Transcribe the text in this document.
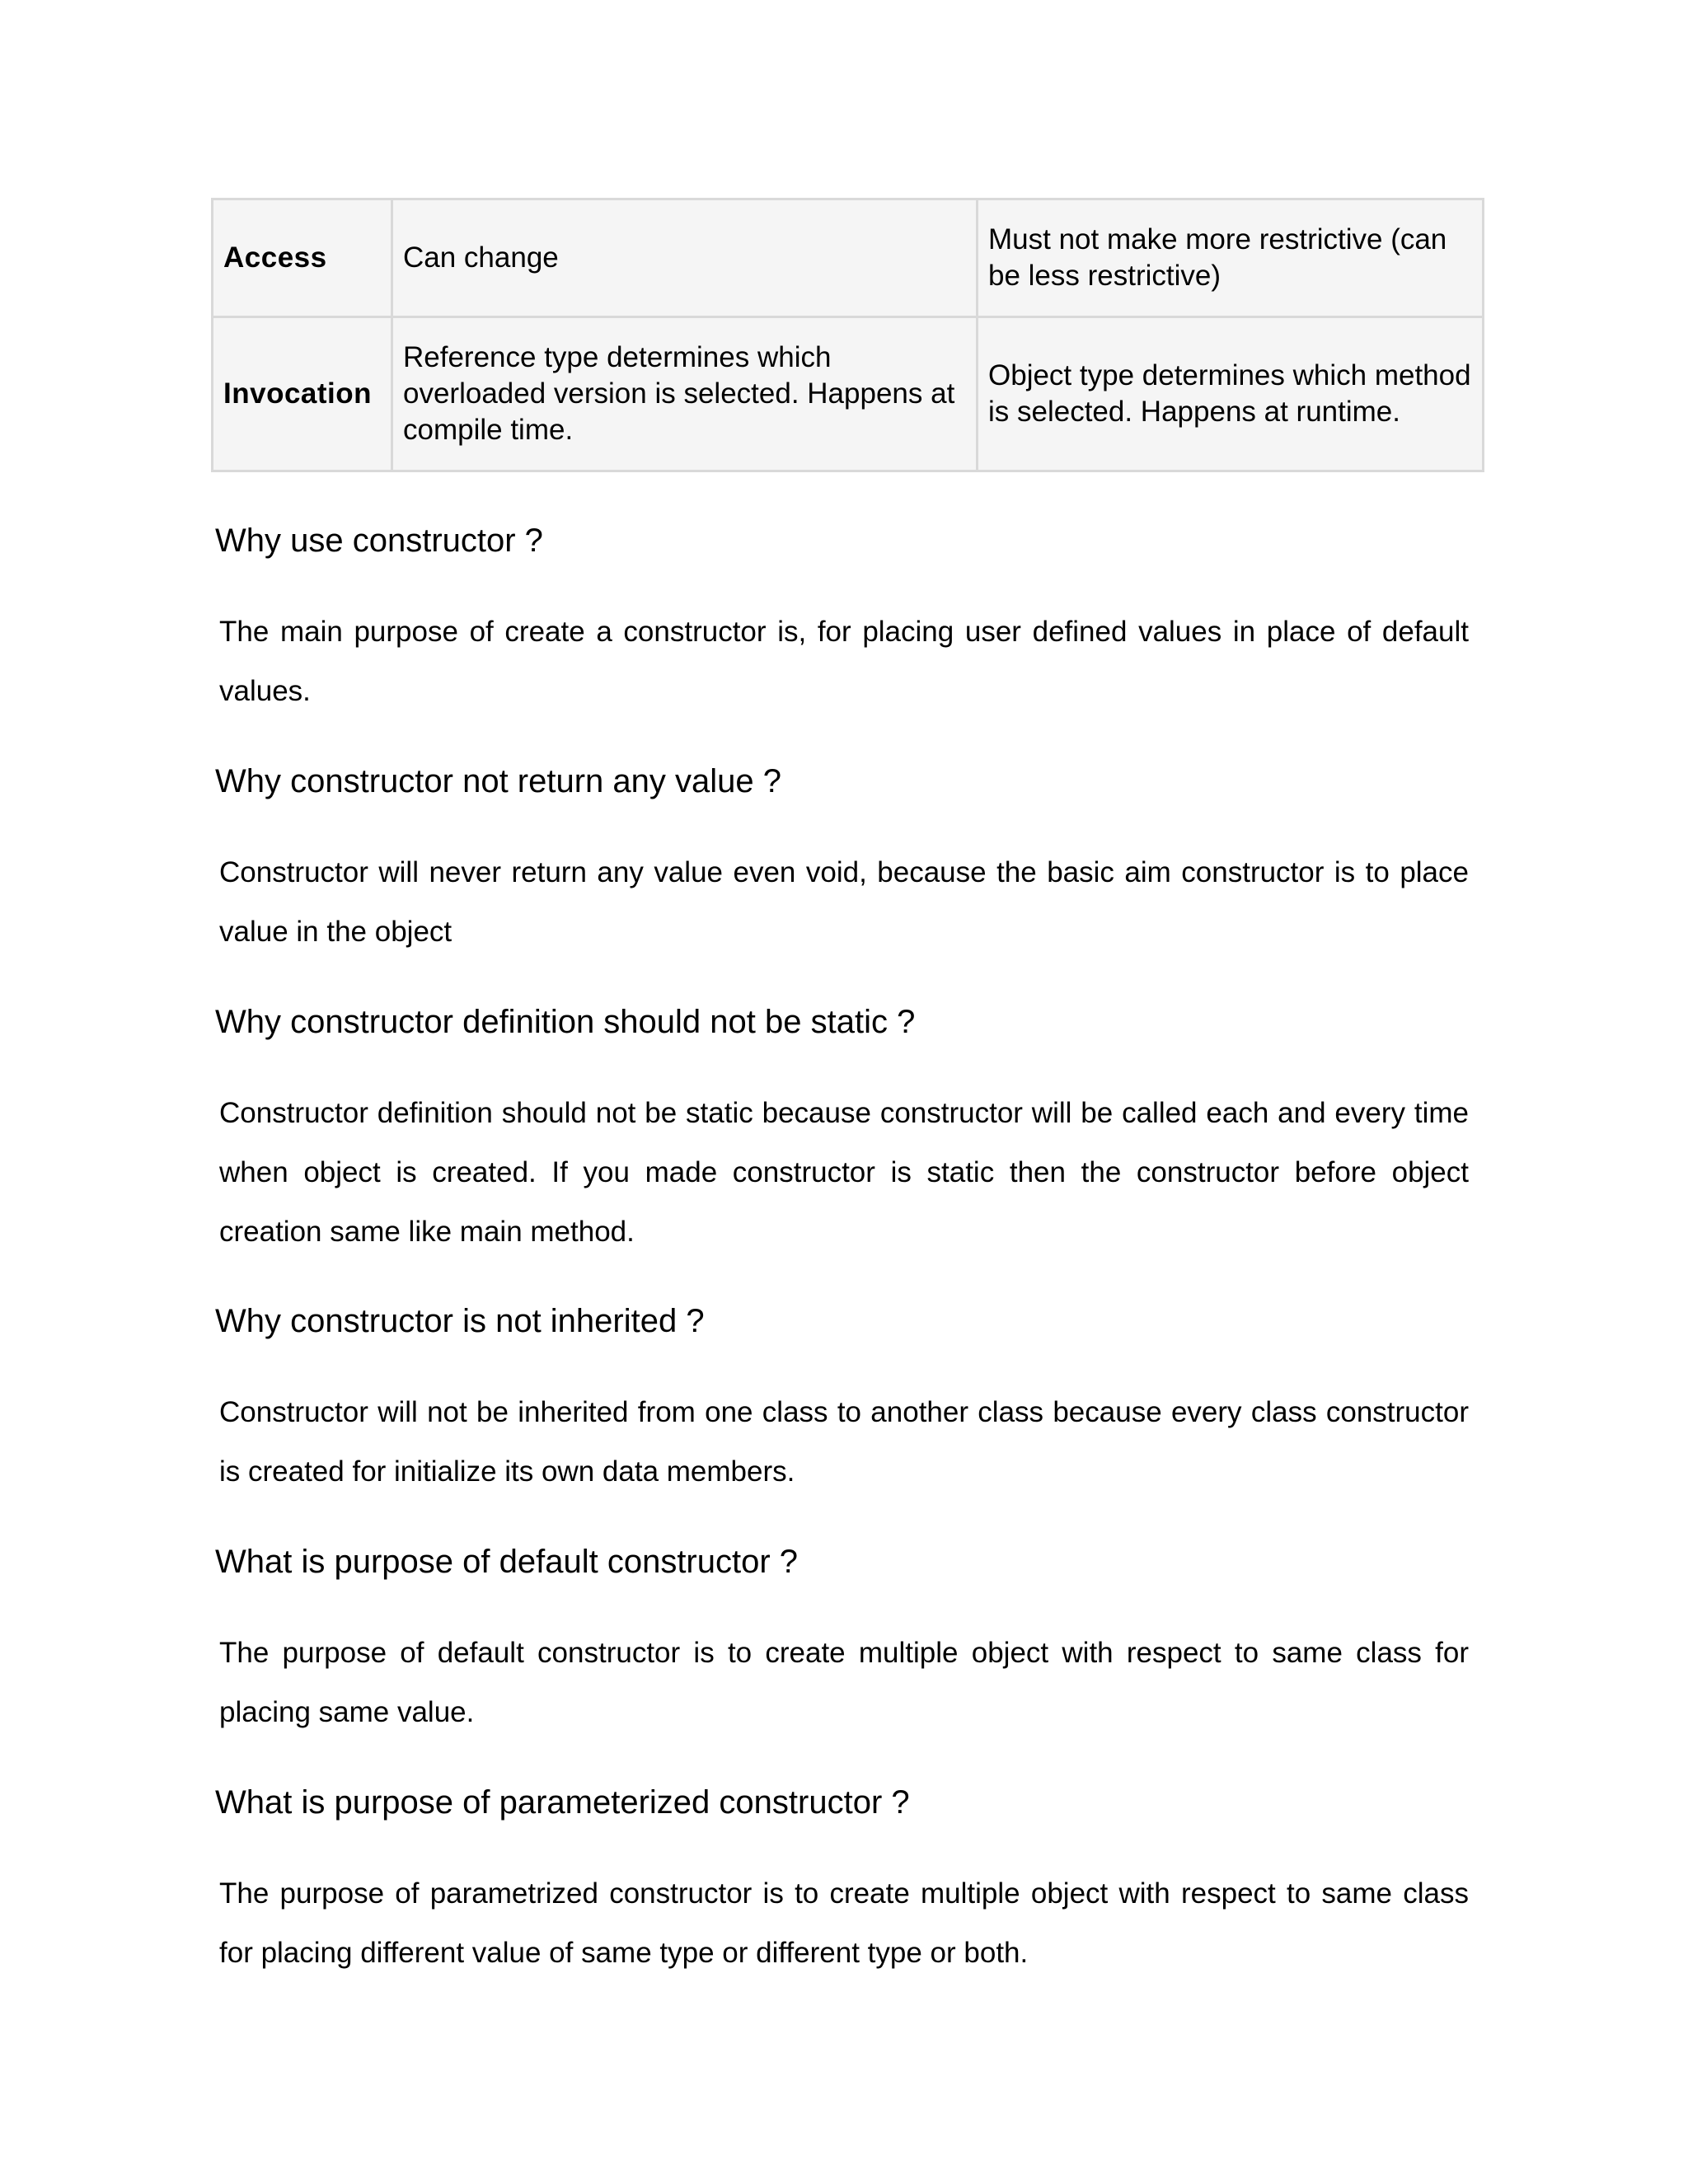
Access	Can change	Must not make more restrictive (can be less restrictive)
Invocation	Reference type determines which overloaded version is selected. Happens at compile time.	Object type determines which method is selected. Happens at runtime.
Why use constructor ?
The main purpose of create a constructor is, for placing user defined values in place of default values.
Why constructor not return any value ?
Constructor will never return any value even void, because the basic aim constructor is to place value in the object
Why constructor definition should not be static ?
Constructor definition should not be static because constructor will be called each and every time when object is created. If you made constructor is static then the constructor before object creation same like main method.
Why constructor is not inherited ?
Constructor will not be inherited from one class to another class because every class constructor is created for initialize its own data members.
What is purpose of default constructor ?
The purpose of default constructor is to create multiple object with respect to same class for placing same value.
What is purpose of parameterized constructor ?
The purpose of parametrized constructor is to create multiple object with respect to same class for placing different value of same type or different type or both.
